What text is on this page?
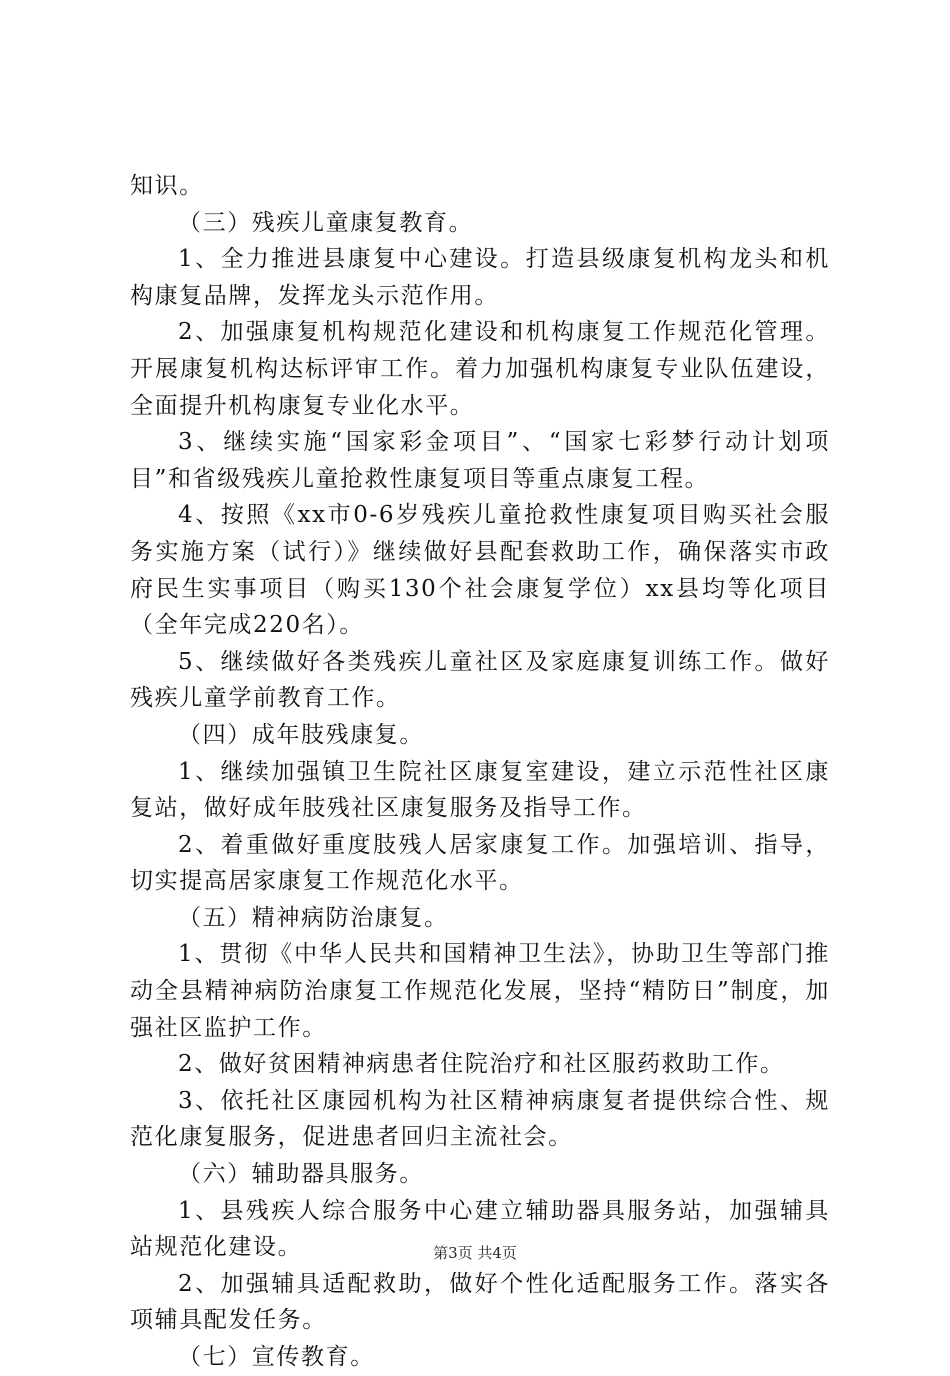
知识。

（三）残疾儿童康复教育。

1、全力推进县康复中心建设。打造县级康复机构龙头和机构康复品牌，发挥龙头示范作用。

2、加强康复机构规范化建设和机构康复工作规范化管理。开展康复机构达标评审工作。着力加强机构康复专业队伍建设，全面提升机构康复专业化水平。

3、继续实施“国家彩金项目”、“国家七彩梦行动计划项目”和省级残疾儿童抢救性康复项目等重点康复工程。

4、按照《xx市0-6岁残疾儿童抢救性康复项目购买社会服务实施方案（试行）》继续做好县配套救助工作，确保落实市政府民生实事项目（购买130个社会康复学位）xx县均等化项目（全年完成220名）。

5、继续做好各类残疾儿童社区及家庭康复训练工作。做好残疾儿童学前教育工作。

（四）成年肢残康复。

1、继续加强镇卫生院社区康复室建设，建立示范性社区康复站，做好成年肢残社区康复服务及指导工作。

2、着重做好重度肢残人居家康复工作。加强培训、指导，切实提高居家康复工作规范化水平。

（五）精神病防治康复。

1、贯彻《中华人民共和国精神卫生法》，协助卫生等部门推动全县精神病防治康复工作规范化发展，坚持“精防日”制度，加强社区监护工作。

2、做好贫困精神病患者住院治疗和社区服药救助工作。

3、依托社区康园机构为社区精神病康复者提供综合性、规范化康复服务，促进患者回归主流社会。

（六）辅助器具服务。

1、县残疾人综合服务中心建立辅助器具服务站，加强辅具站规范化建设。

2、加强辅具适配救助，做好个性化适配服务工作。落实各项辅具配发任务。

（七）宣传教育。

第3页 共4页
